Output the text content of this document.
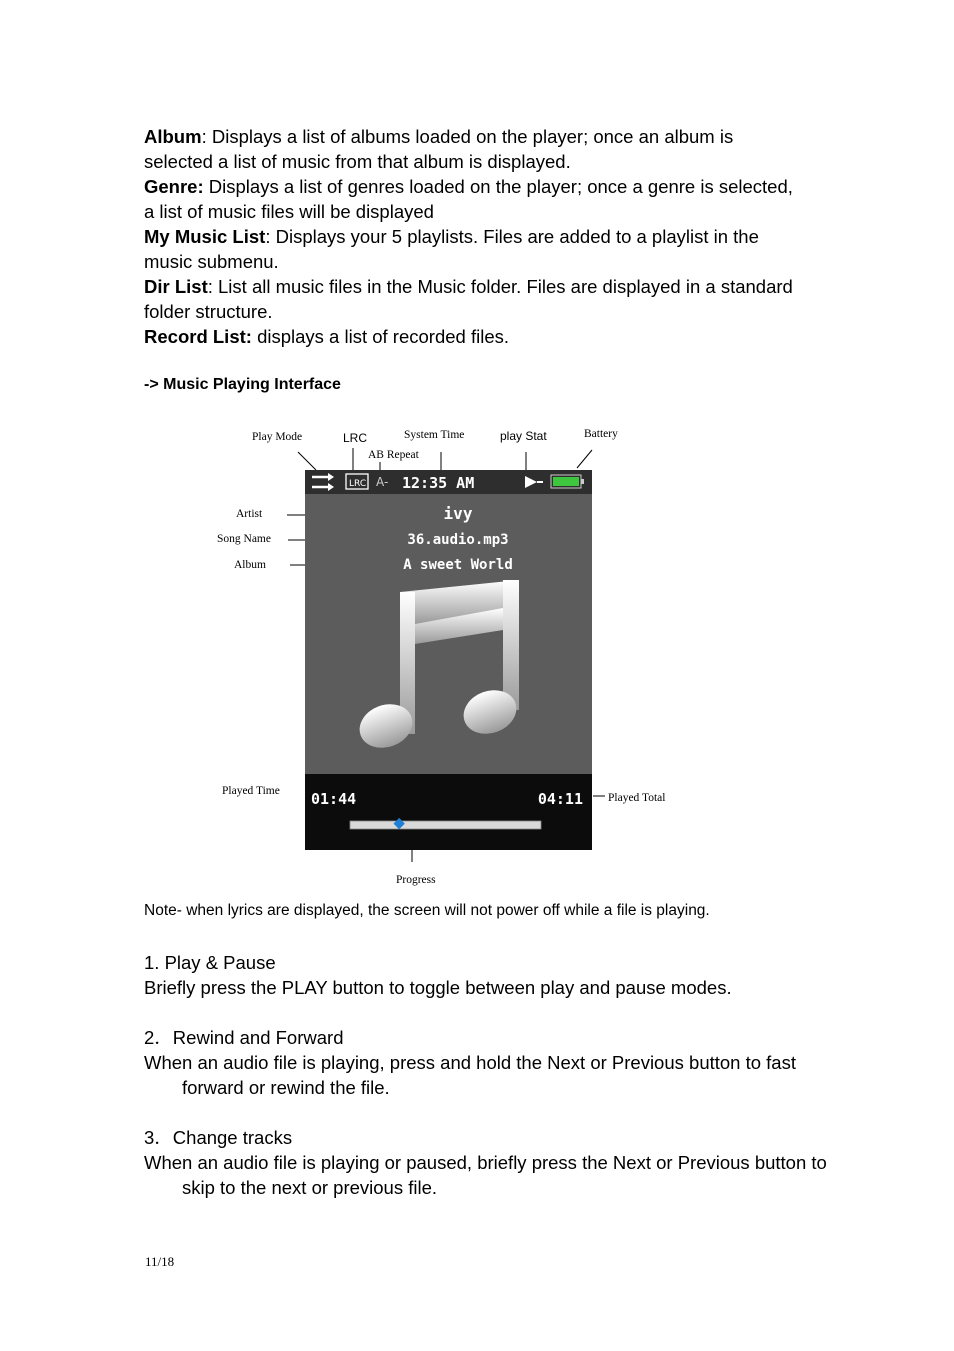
Album: Displays a list of albums loaded on the player; once an album is selected a list of music from that album is displayed.
Genre: Displays a list of genres loaded on the player; once a genre is selected, a list of music files will be displayed
My Music List: Displays your 5 playlists. Files are added to a playlist in the music submenu.
Dir List: List all music files in the Music folder. Files are displayed in a standard folder structure.
Record List: displays a list of recorded files.
-> Music Playing Interface
Play Mode	LRC
AB Repeat
System Time	play Stat	Battery
Artist
Song Name
Album
Played Time
Played Total
Progress
LRC A- 12:35 AM
ivy
36.audio.mp3
A sweet World
01:44	04:11
Note- when lyrics are displayed, the screen will not power off while a file is playing.
1. Play & Pause
Briefly press the PLAY button to toggle between play and pause modes.
2．Rewind and Forward
When an audio file is playing, press and hold the Next or Previous button to fast forward or rewind the file.
3．Change tracks
When an audio file is playing or paused, briefly press the Next or Previous button to skip to the next or previous file.
11/18
